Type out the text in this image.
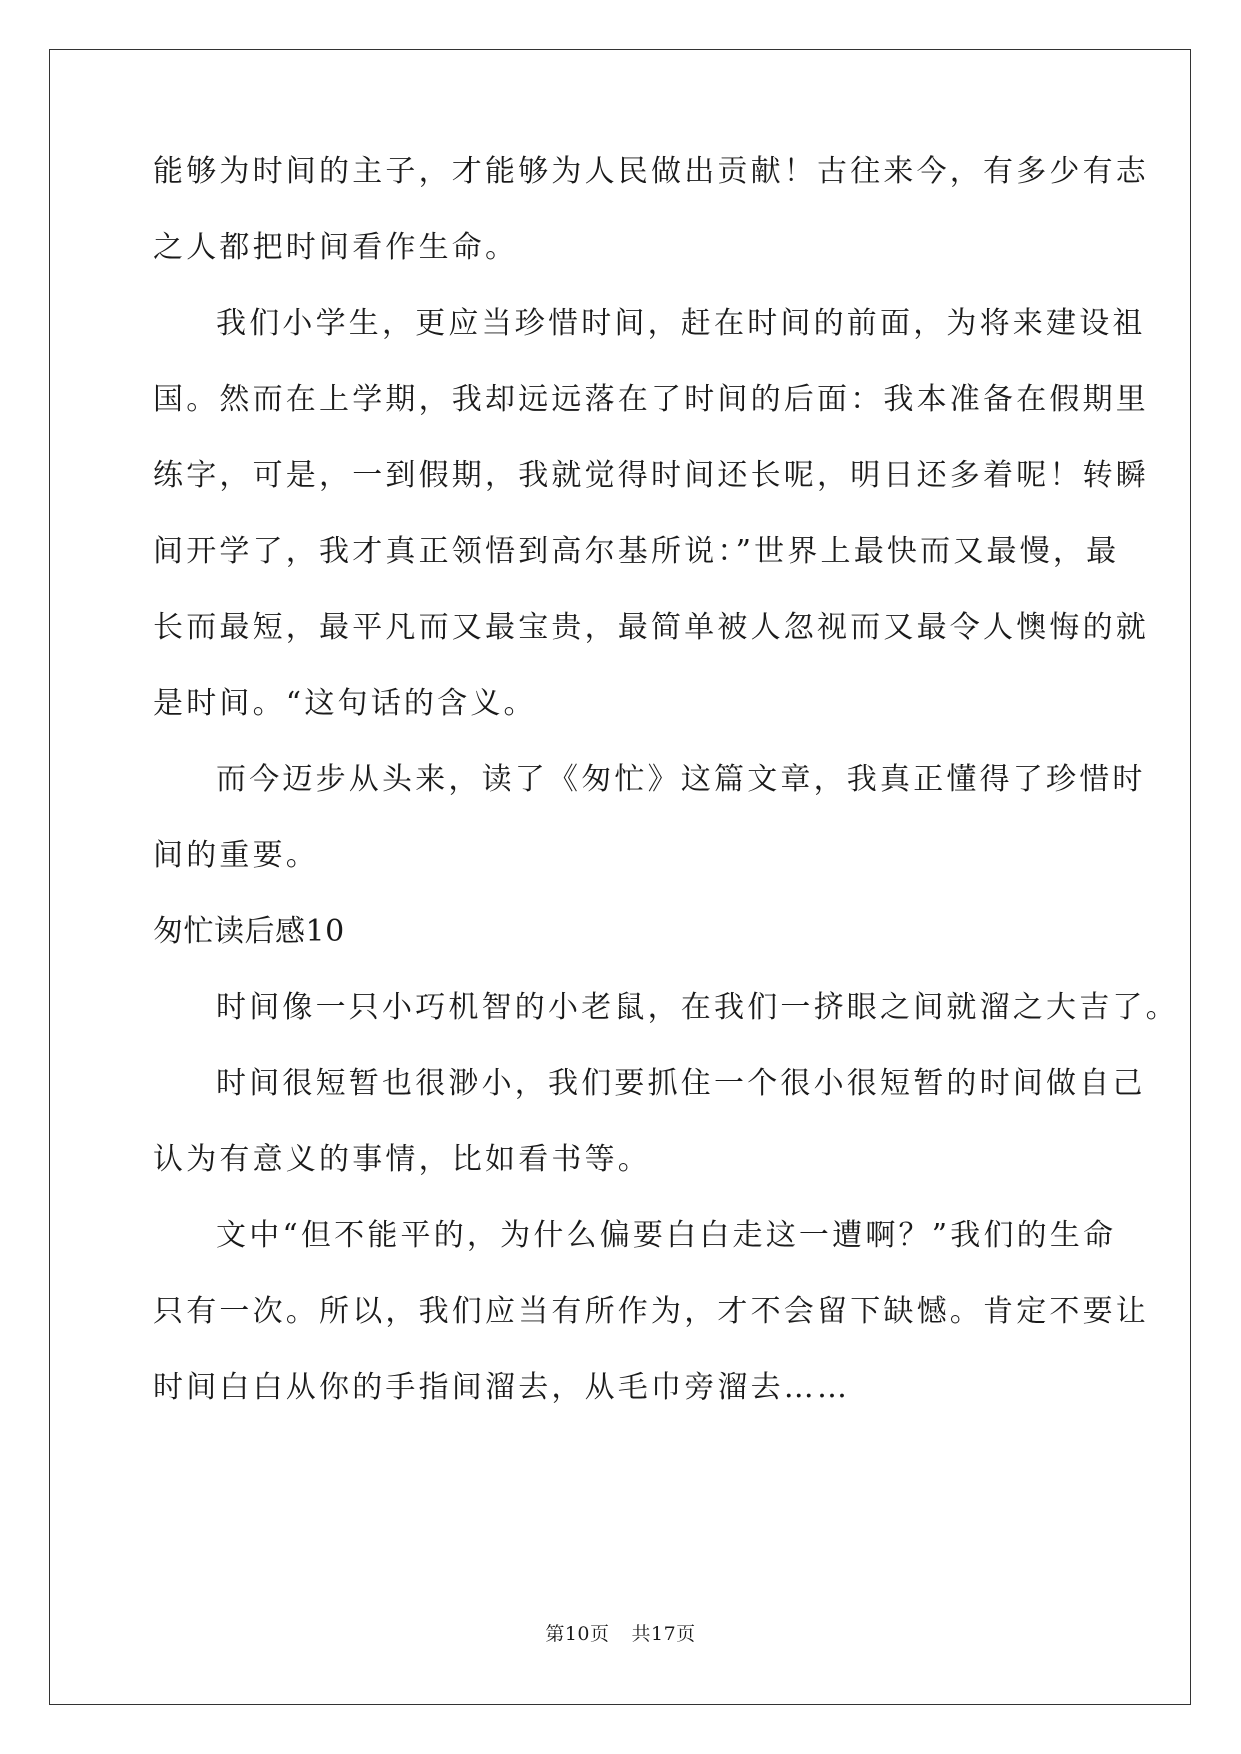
能够为时间的主子，才能够为人民做出贡献！古往来今，有多少有志
之人都把时间看作生命。
我们小学生，更应当珍惜时间，赶在时间的前面，为将来建设祖
国。然而在上学期，我却远远落在了时间的后面：我本准备在假期里
练字，可是，一到假期，我就觉得时间还长呢，明日还多着呢！转瞬
间开学了，我才真正领悟到高尔基所说：”世界上最快而又最慢，最
长而最短，最平凡而又最宝贵，最简单被人忽视而又最令人懊悔的就
是时间。“这句话的含义。
而今迈步从头来，读了《匆忙》这篇文章，我真正懂得了珍惜时
间的重要。
匆忙读后感10
时间像一只小巧机智的小老鼠，在我们一挤眼之间就溜之大吉了。
时间很短暂也很渺小，我们要抓住一个很小很短暂的时间做自己
认为有意义的事情，比如看书等。
文中“但不能平的，为什么偏要白白走这一遭啊？”我们的生命
只有一次。所以，我们应当有所作为，才不会留下缺憾。肯定不要让
时间白白从你的手指间溜去，从毛巾旁溜去……
第10页 共17页
